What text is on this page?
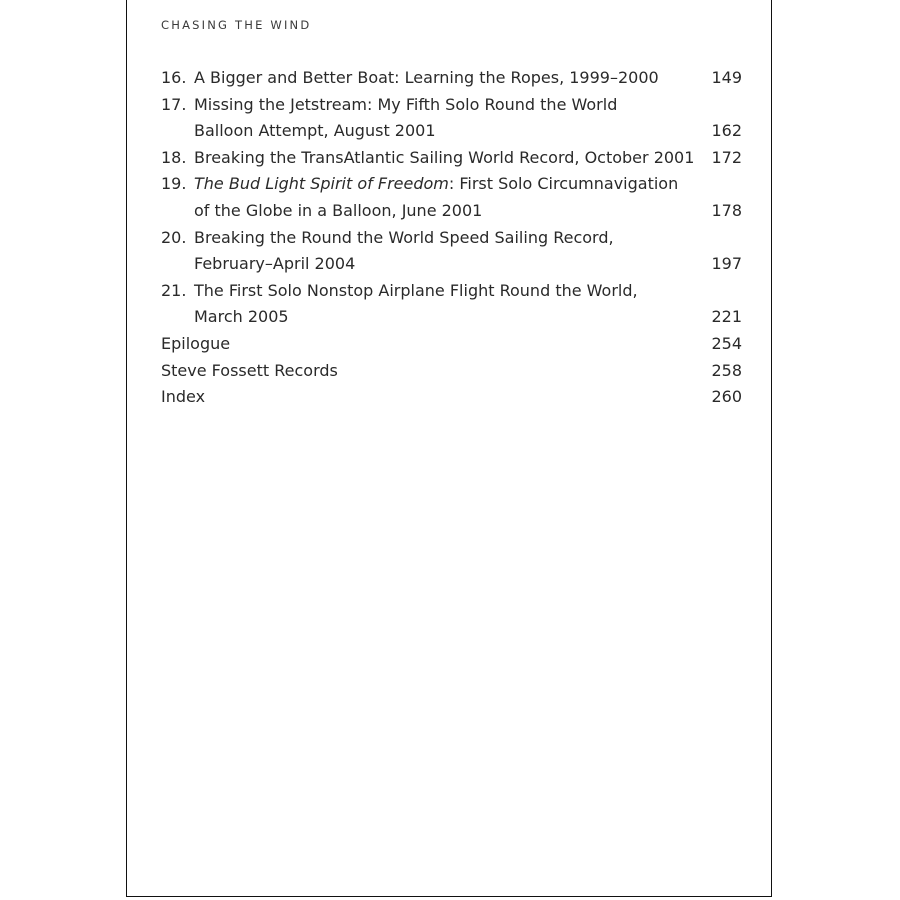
CHASING THE WIND
16. A Bigger and Better Boat: Learning the Ropes, 1999–2000	149
17. Missing the Jetstream: My Fifth Solo Round the World
Balloon Attempt, August 2001	162
18. Breaking the TransAtlantic Sailing World Record, October 2001 172
19. The Bud Light Spirit of Freedom: First Solo Circumnavigation
of the Globe in a Balloon, June 2001	178
20. Breaking the Round the World Speed Sailing Record,
February–April 2004	197
21. The First Solo Nonstop Airplane Flight Round the World,
March 2005	221
Epilogue	254
Steve Fossett Records	258
Index	260
